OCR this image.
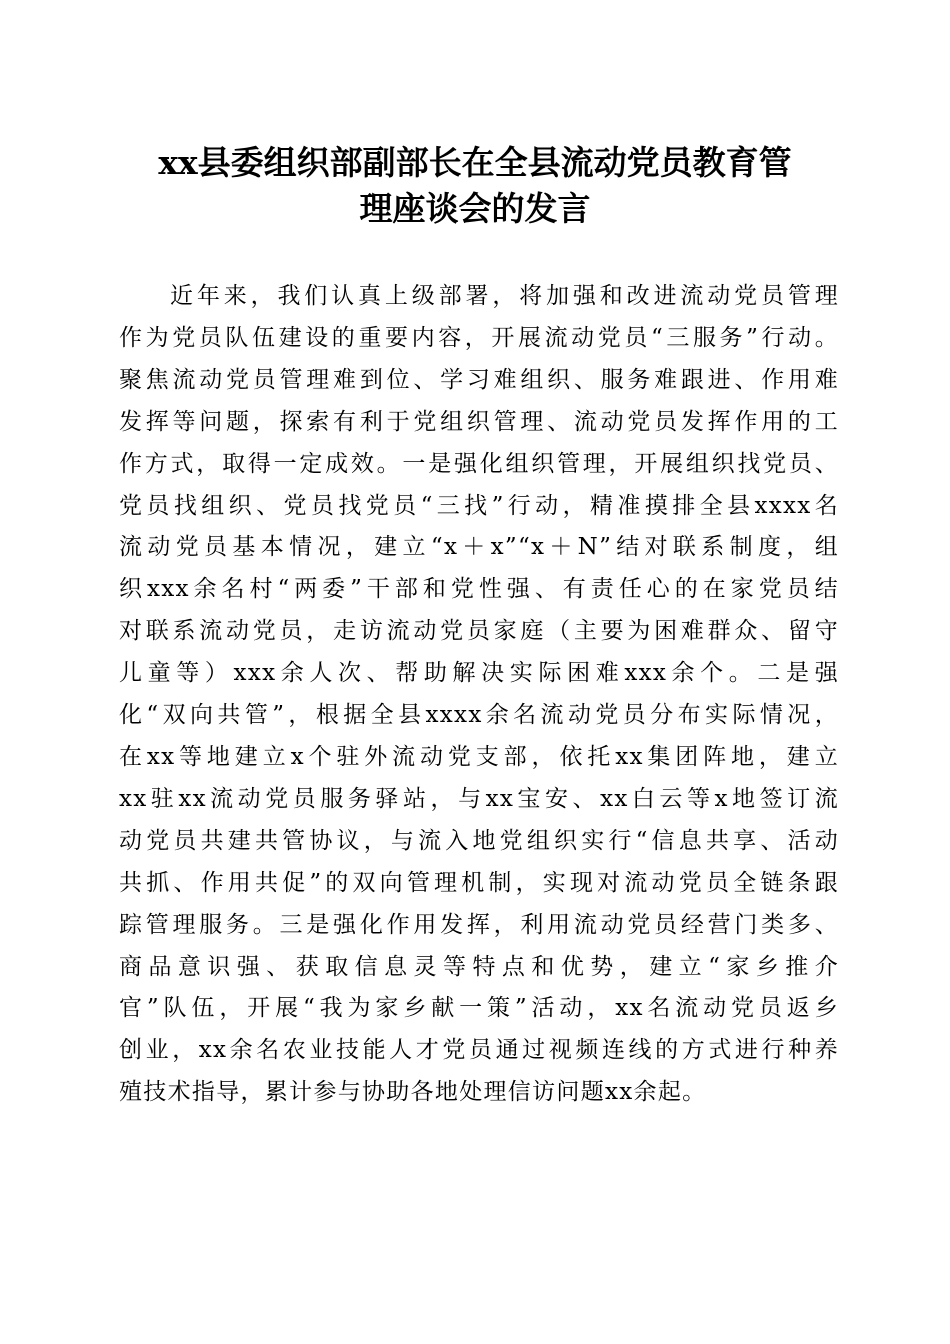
xx县委组织部副部长在全县流动党员教育管
理座谈会的发言
近年来，我们认真上级部署，将加强和改进流动党员管理
作为党员队伍建设的重要内容，开展流动党员“三服务”行动。
聚焦流动党员管理难到位、学习难组织、服务难跟进、作用难
发挥等问题，探索有利于党组织管理、流动党员发挥作用的工
作方式，取得一定成效。一是强化组织管理，开展组织找党员、
党员找组织、党员找党员“三找”行动，精准摸排全县xxxx名
流动党员基本情况，建立“x＋x”“x＋N”结对联系制度，组
织xxx余名村“两委”干部和党性强、有责任心的在家党员结
对联系流动党员，走访流动党员家庭（主要为困难群众、留守
儿童等）xxx余人次、帮助解决实际困难xxx余个。二是强
化“双向共管”，根据全县xxxx余名流动党员分布实际情况，
在xx等地建立x个驻外流动党支部，依托xx集团阵地，建立
xx驻xx流动党员服务驿站，与xx宝安、xx白云等x地签订流
动党员共建共管协议，与流入地党组织实行“信息共享、活动
共抓、作用共促”的双向管理机制，实现对流动党员全链条跟
踪管理服务。三是强化作用发挥，利用流动党员经营门类多、
商品意识强、获取信息灵等特点和优势，建立“家乡推介
官”队伍，开展“我为家乡献一策”活动，xx名流动党员返乡
创业，xx余名农业技能人才党员通过视频连线的方式进行种养
殖技术指导，累计参与协助各地处理信访问题xx余起。
